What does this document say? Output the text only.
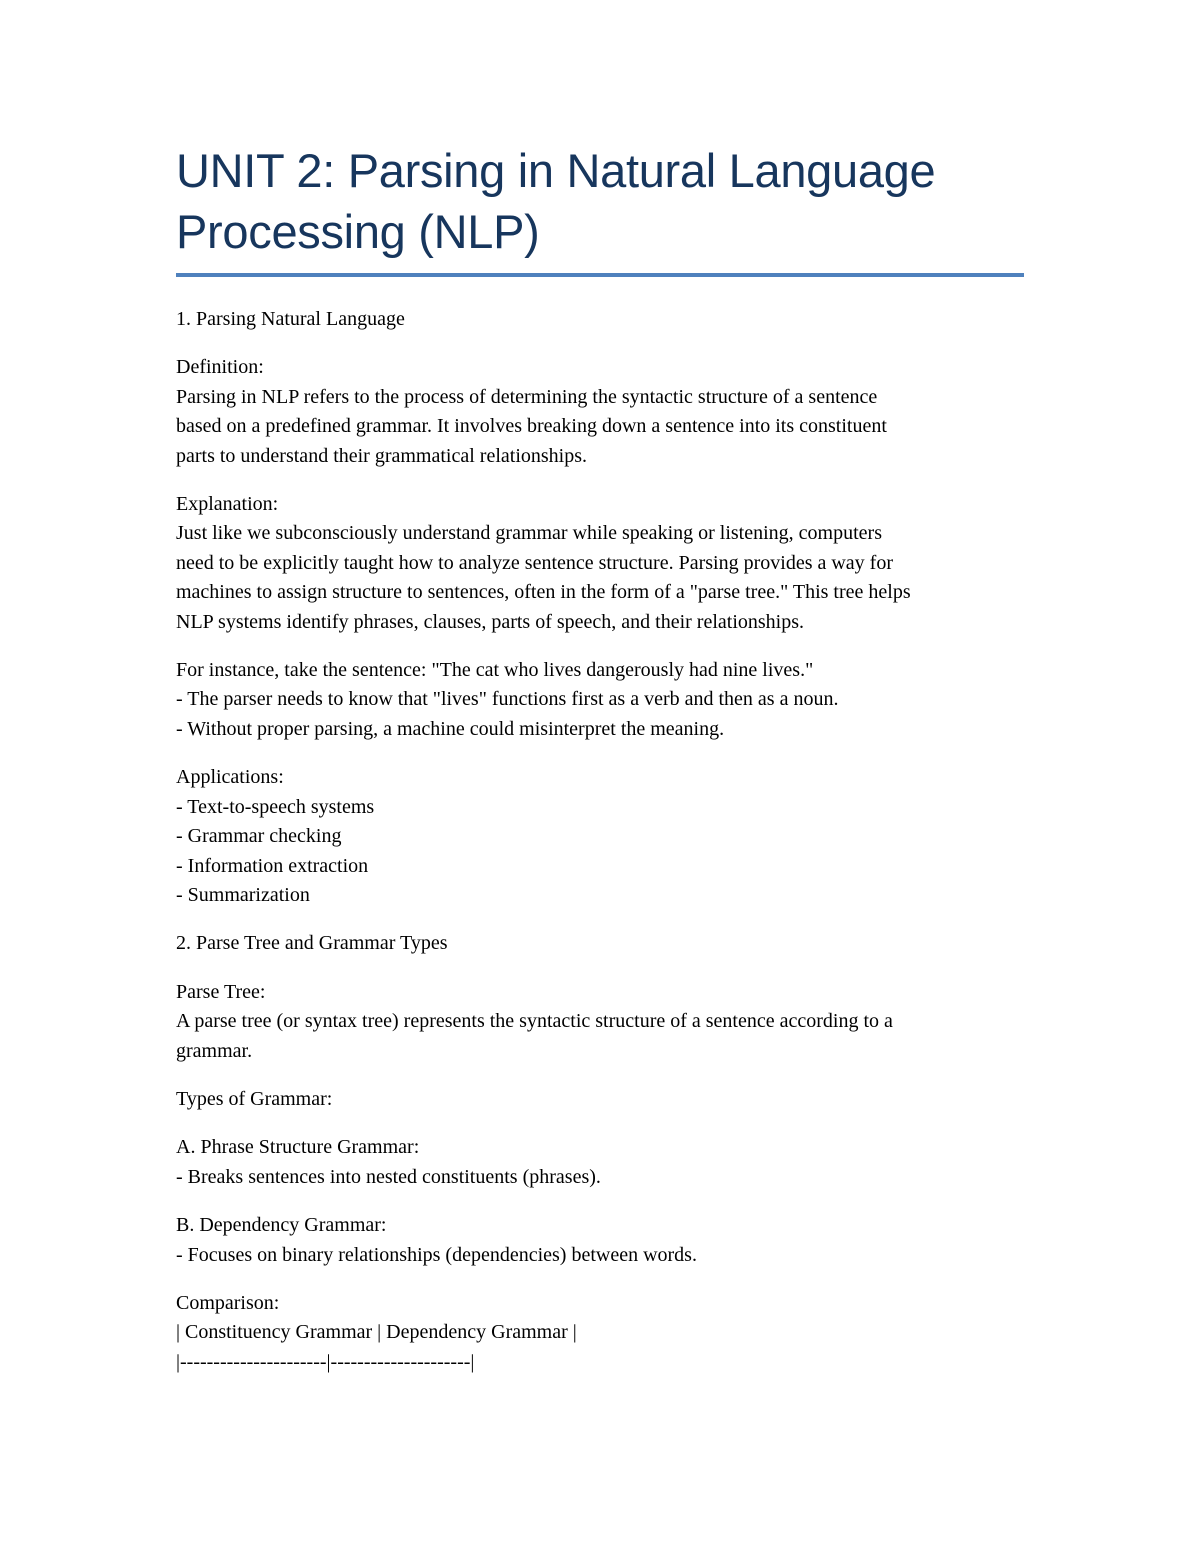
UNIT 2: Parsing in Natural Language
Processing (NLP)
1. Parsing Natural Language
Definition:
Parsing in NLP refers to the process of determining the syntactic structure of a sentence
based on a predefined grammar. It involves breaking down a sentence into its constituent
parts to understand their grammatical relationships.
Explanation:
Just like we subconsciously understand grammar while speaking or listening, computers
need to be explicitly taught how to analyze sentence structure. Parsing provides a way for
machines to assign structure to sentences, often in the form of a "parse tree." This tree helps
NLP systems identify phrases, clauses, parts of speech, and their relationships.
For instance, take the sentence: "The cat who lives dangerously had nine lives."
- The parser needs to know that "lives" functions first as a verb and then as a noun.
- Without proper parsing, a machine could misinterpret the meaning.
Applications:
- Text-to-speech systems
- Grammar checking
- Information extraction
- Summarization
2. Parse Tree and Grammar Types
Parse Tree:
A parse tree (or syntax tree) represents the syntactic structure of a sentence according to a
grammar.
Types of Grammar:
A. Phrase Structure Grammar:
- Breaks sentences into nested constituents (phrases).
B. Dependency Grammar:
- Focuses on binary relationships (dependencies) between words.
Comparison:
| Constituency Grammar | Dependency Grammar |
|----------------------|---------------------|
